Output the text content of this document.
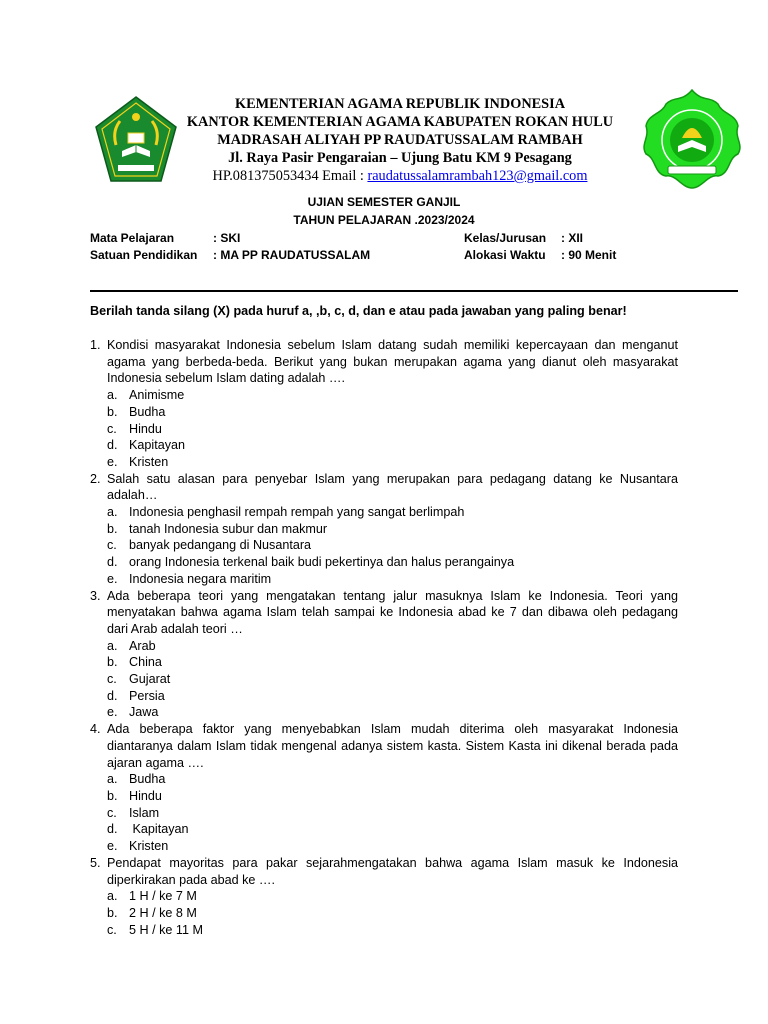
KEMENTERIAN AGAMA REPUBLIK INDONESIA
KANTOR KEMENTERIAN AGAMA KABUPATEN ROKAN HULU
MADRASAH ALIYAH PP RAUDATUSSALAM RAMBAH
Jl. Raya Pasir Pengaraian – Ujung Batu KM 9 Pesagang
HP.081375053434 Email : raudatussalamrambah123@gmail.com
UJIAN SEMESTER GANJIL
TAHUN PELAJARAN .2023/2024
Mata Pelajaran	: SKI
Satuan Pendidikan	: MA PP RAUDATUSSALAM
Kelas/Jurusan	: XII
Alokasi Waktu	: 90 Menit
Berilah tanda silang (X) pada huruf a, ,b, c, d, dan e atau pada jawaban yang paling benar!
1. Kondisi masyarakat Indonesia sebelum Islam datang sudah memiliki kepercayaan dan menganut agama yang berbeda-beda. Berikut yang bukan merupakan agama yang dianut oleh masyarakat Indonesia sebelum Islam dating adalah ….
a. Animisme
b. Budha
c. Hindu
d. Kapitayan
e. Kristen
2. Salah satu alasan para penyebar Islam yang merupakan para pedagang datang ke Nusantara adalah…
a. Indonesia penghasil rempah rempah yang sangat berlimpah
b. tanah Indonesia subur dan makmur
c. banyak pedangang di Nusantara
d. orang Indonesia terkenal baik budi pekertinya dan halus perangainya
e. Indonesia negara maritim
3. Ada beberapa teori yang mengatakan tentang jalur masuknya Islam ke Indonesia. Teori yang menyatakan bahwa agama Islam telah sampai ke Indonesia abad ke 7 dan dibawa oleh pedagang dari Arab adalah teori …
a. Arab
b. China
c. Gujarat
d. Persia
e. Jawa
4. Ada beberapa faktor yang menyebabkan Islam mudah diterima oleh masyarakat Indonesia diantaranya dalam Islam tidak mengenal adanya sistem kasta. Sistem Kasta ini dikenal berada pada ajaran agama ….
a. Budha
b. Hindu
c. Islam
d. Kapitayan
e. Kristen
5. Pendapat mayoritas para pakar sejarahmengatakan bahwa agama Islam masuk ke Indonesia diperkirakan pada abad ke ….
a. 1 H / ke 7 M
b. 2 H / ke 8 M
c. 5 H / ke 11 M
